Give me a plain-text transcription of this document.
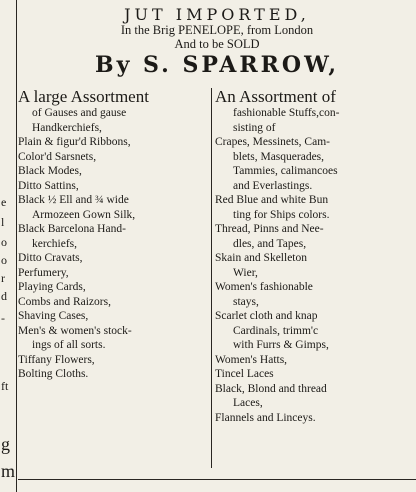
e
l
o
o
r
d
-
ft
g
m
JUT IMPORTED,
In the Brig PENELOPE, from London
And to be SOLD
By S. SPARROW,
A large Assortment
of Gauses and gause
Handkerchiefs,
Plain & figur'd Ribbons,
Color'd Sarsnets,
Black Modes,
Ditto Sattins,
Black ½ Ell and ¾ wide
Armozeen Gown Silk,
Black Barcelona Hand-
kerchiefs,
Ditto Cravats,
Perfumery,
Playing Cards,
Combs and Raizors,
Shaving Cases,
Men's & women's stock-
ings of all sorts.
Tiffany Flowers,
Bolting Cloths.
An Assortment of
fashionable Stuffs,con-
sisting of
Crapes, Messinets, Cam-
blets, Masquerades,
Tammies, calimancoes
and Everlastings.
Red Blue and white Bun
ting for Ships colors.
Thread, Pinns and Nee-
dles, and Tapes,
Skain and Skelleton
Wier,
Women's fashionable
stays,
Scarlet cloth and knap
Cardinals, trimm'c
with Furrs & Gimps,
Women's Hatts,
Tincel Laces
Black, Blond and thread
Laces,
Flannels and Linceys.
